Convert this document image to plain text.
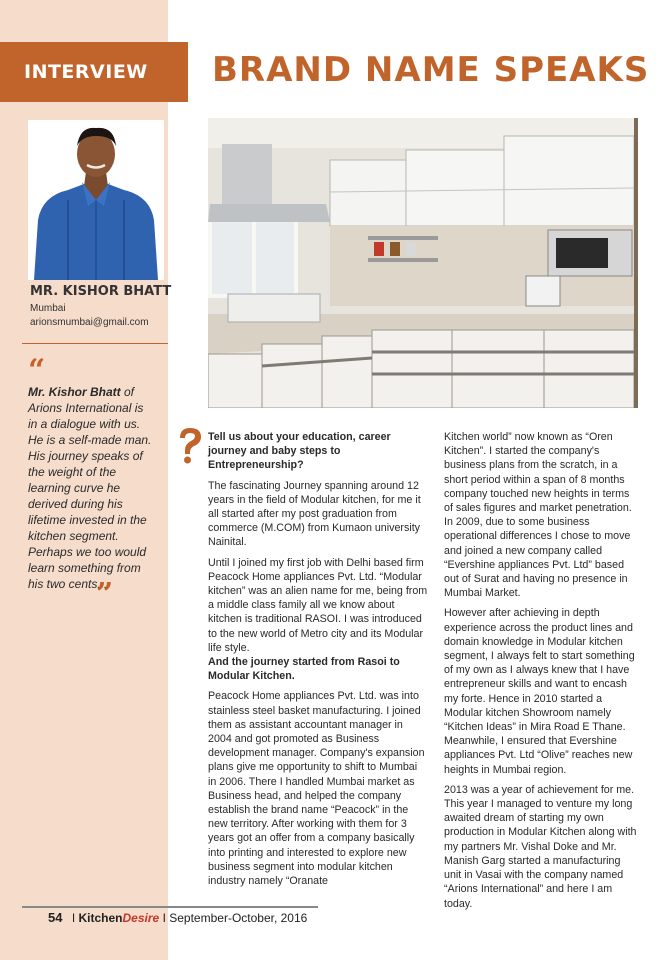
INTERVIEW BRAND NAME SPEAKS
MR. KISHOR BHATT
Mumbai
arionsmumbai@gmail.com
“
Mr. Kishor Bhatt of Arions International is in a dialogue with us. He is a self-made man. His journey speaks of the weight of the learning curve he derived during his lifetime invested in the kitchen segment. Perhaps we too would learn something from his two cents...
”

Tell us about your education, career journey and baby steps to Entrepreneurship?

The fascinating Journey spanning around 12 years in the field of Modular kitchen, for me it all started after my post graduation from commerce (M.COM) from Kumaon university Nainital.

Until I joined my first job with Delhi based firm Peacock Home appliances Pvt. Ltd. “Modular kitchen” was an alien name for me, being from a middle class family all we know about kitchen is traditional RASOI. I was introduced to the new world of Metro city and its Modular life style.

And the journey started from Rasoi to Modular Kitchen.

Peacock Home appliances Pvt. Ltd. was into stainless steel basket manufacturing. I joined them as assistant accountant manager in 2004 and got promoted as Business development manager. Company's expansion plans give me opportunity to shift to Mumbai in 2006. There I handled Mumbai market as Business head, and helped the company establish the brand name “Peacock” in the new territory. After working with them for 3 years got an offer from a company basically into printing and interested to explore new business segment into modular kitchen industry namely “Oranate

Kitchen world” now known as “Oren Kitchen”. I started the company's business plans from the scratch, in a short period within a span of 8 months company touched new heights in terms of sales figures and market penetration. In 2009, due to some business operational differences I chose to move and joined a new company called “Evershine appliances Pvt. Ltd” based out of Surat and having no presence in Mumbai Market.

However after achieving in depth experience across the product lines and domain knowledge in Modular kitchen segment, I always felt to start something of my own as I always knew that I have entrepreneur skills and want to encash my forte. Hence in 2010 started a Modular kitchen Showroom namely “Kitchen Ideas” in Mira Road E Thane. Meanwhile, I ensured that Evershine appliances Pvt. Ltd “Olive” reaches new heights in Mumbai region.

2013 was a year of achievement for me. This year I managed to venture my long awaited dream of starting my own production in Modular Kitchen along with my partners Mr. Vishal Doke and Mr. Manish Garg started a manufacturing unit in Vasai with the company named “Arions International” and here I am today.

54 I KitchenDesire I September-October, 2016
